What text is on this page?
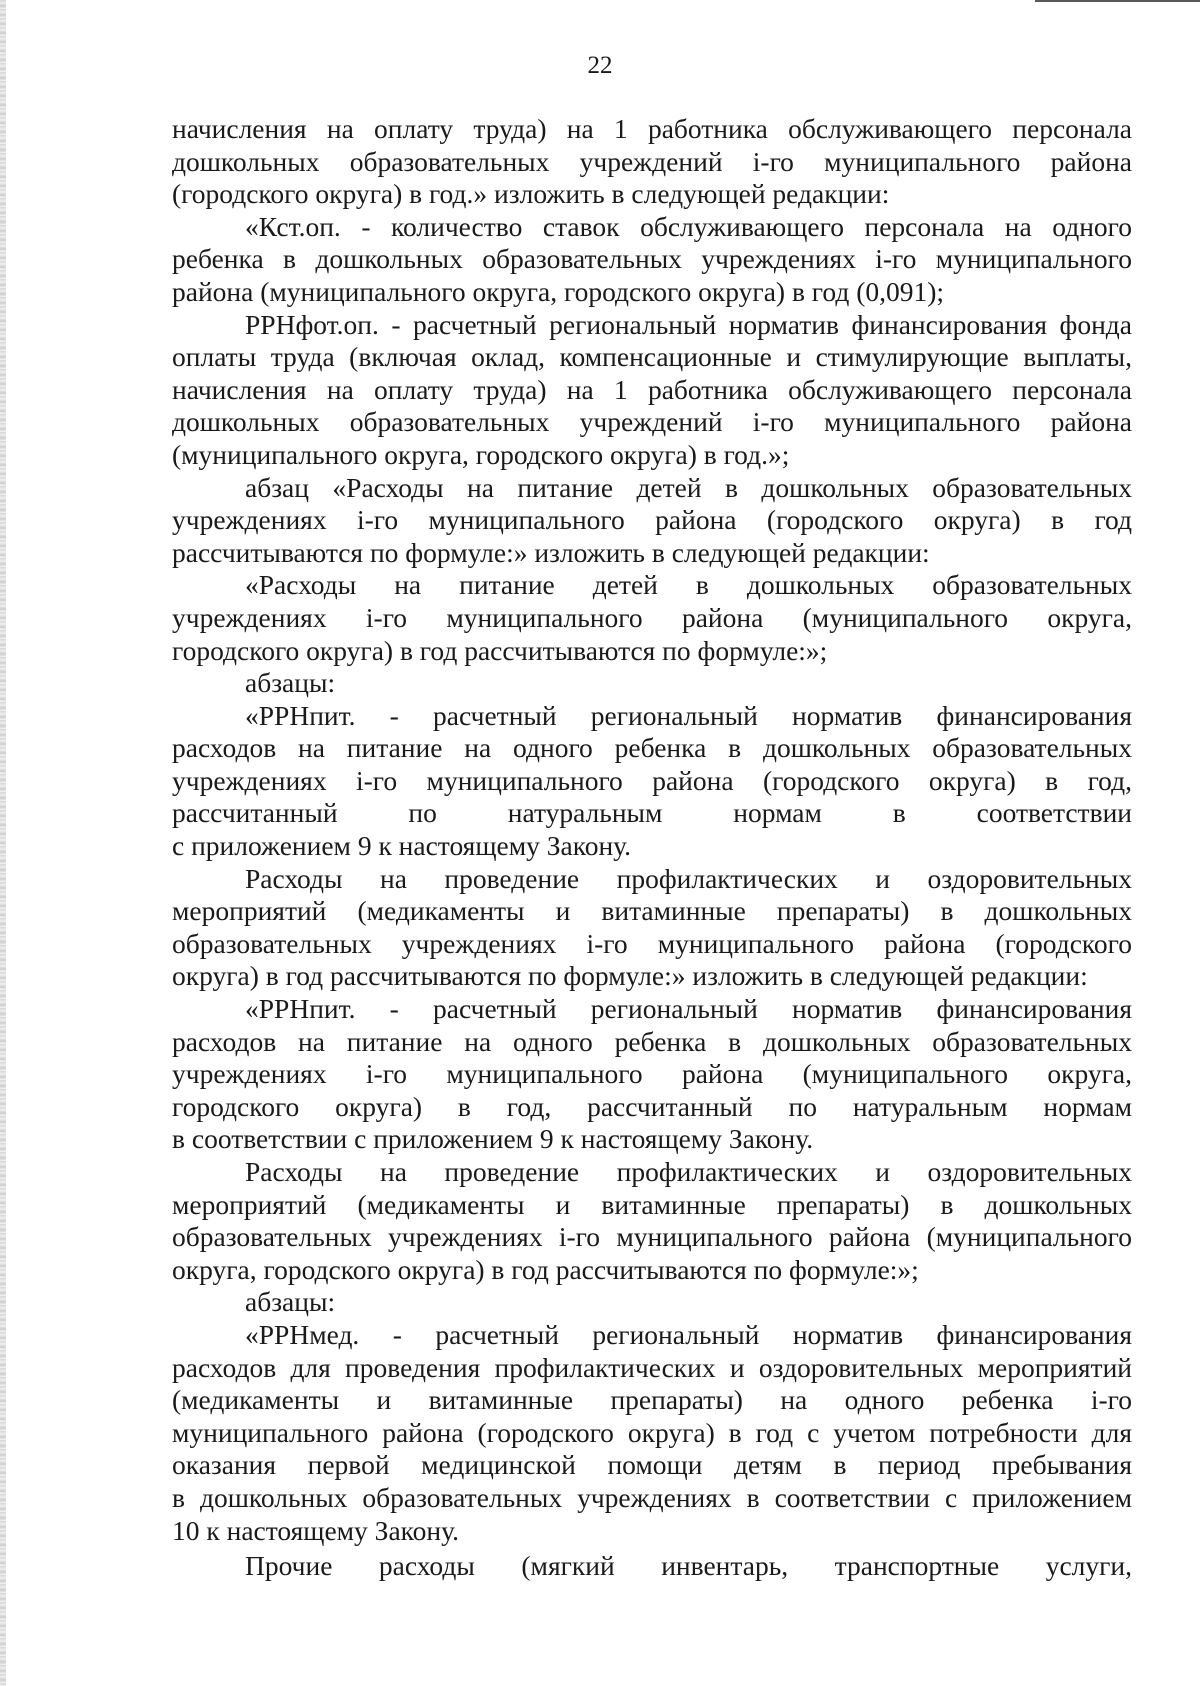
22
начисления на оплату труда) на 1 работника обслуживающего персонала
дошкольных образовательных учреждений і-го муниципального района
(городского округа) в год.» изложить в следующей редакции:
«Кст.оп. - количество ставок обслуживающего персонала на одного
ребенка в дошкольных образовательных учреждениях і-го муниципального
района (муниципального округа, городского округа) в год (0,091);
РРНфот.оп. - расчетный региональный норматив финансирования фонда
оплаты труда (включая оклад, компенсационные и стимулирующие выплаты,
начисления на оплату труда) на 1 работника обслуживающего персонала
дошкольных образовательных учреждений і-го муниципального района
(муниципального округа, городского округа) в год.»;
абзац «Расходы на питание детей в дошкольных образовательных
учреждениях і-го муниципального района (городского округа) в год
рассчитываются по формуле:» изложить в следующей редакции:
«Расходы на питание детей в дошкольных образовательных
учреждениях і-го муниципального района (муниципального округа,
городского округа) в год рассчитываются по формуле:»;
абзацы:
«РРНпит. - расчетный региональный норматив финансирования
расходов на питание на одного ребенка в дошкольных образовательных
учреждениях і-го муниципального района (городского округа) в год,
рассчитанный по натуральным нормам в соответствии
с приложением 9 к настоящему Закону.
Расходы на проведение профилактических и оздоровительных
мероприятий (медикаменты и витаминные препараты) в дошкольных
образовательных учреждениях і-го муниципального района (городского
округа) в год рассчитываются по формуле:» изложить в следующей редакции:
«РРНпит. - расчетный региональный норматив финансирования
расходов на питание на одного ребенка в дошкольных образовательных
учреждениях і-го муниципального района (муниципального округа,
городского округа) в год, рассчитанный по натуральным нормам
в соответствии с приложением 9 к настоящему Закону.
Расходы на проведение профилактических и оздоровительных
мероприятий (медикаменты и витаминные препараты) в дошкольных
образовательных учреждениях і-го муниципального района (муниципального
округа, городского округа) в год рассчитываются по формуле:»;
абзацы:
«РРНмед. - расчетный региональный норматив финансирования
расходов для проведения профилактических и оздоровительных мероприятий
(медикаменты и витаминные препараты) на одного ребенка і-го
муниципального района (городского округа) в год с учетом потребности для
оказания первой медицинской помощи детям в период пребывания
в дошкольных образовательных учреждениях в соответствии с приложением
10 к настоящему Закону.
Прочие расходы (мягкий инвентарь, транспортные услуги,
